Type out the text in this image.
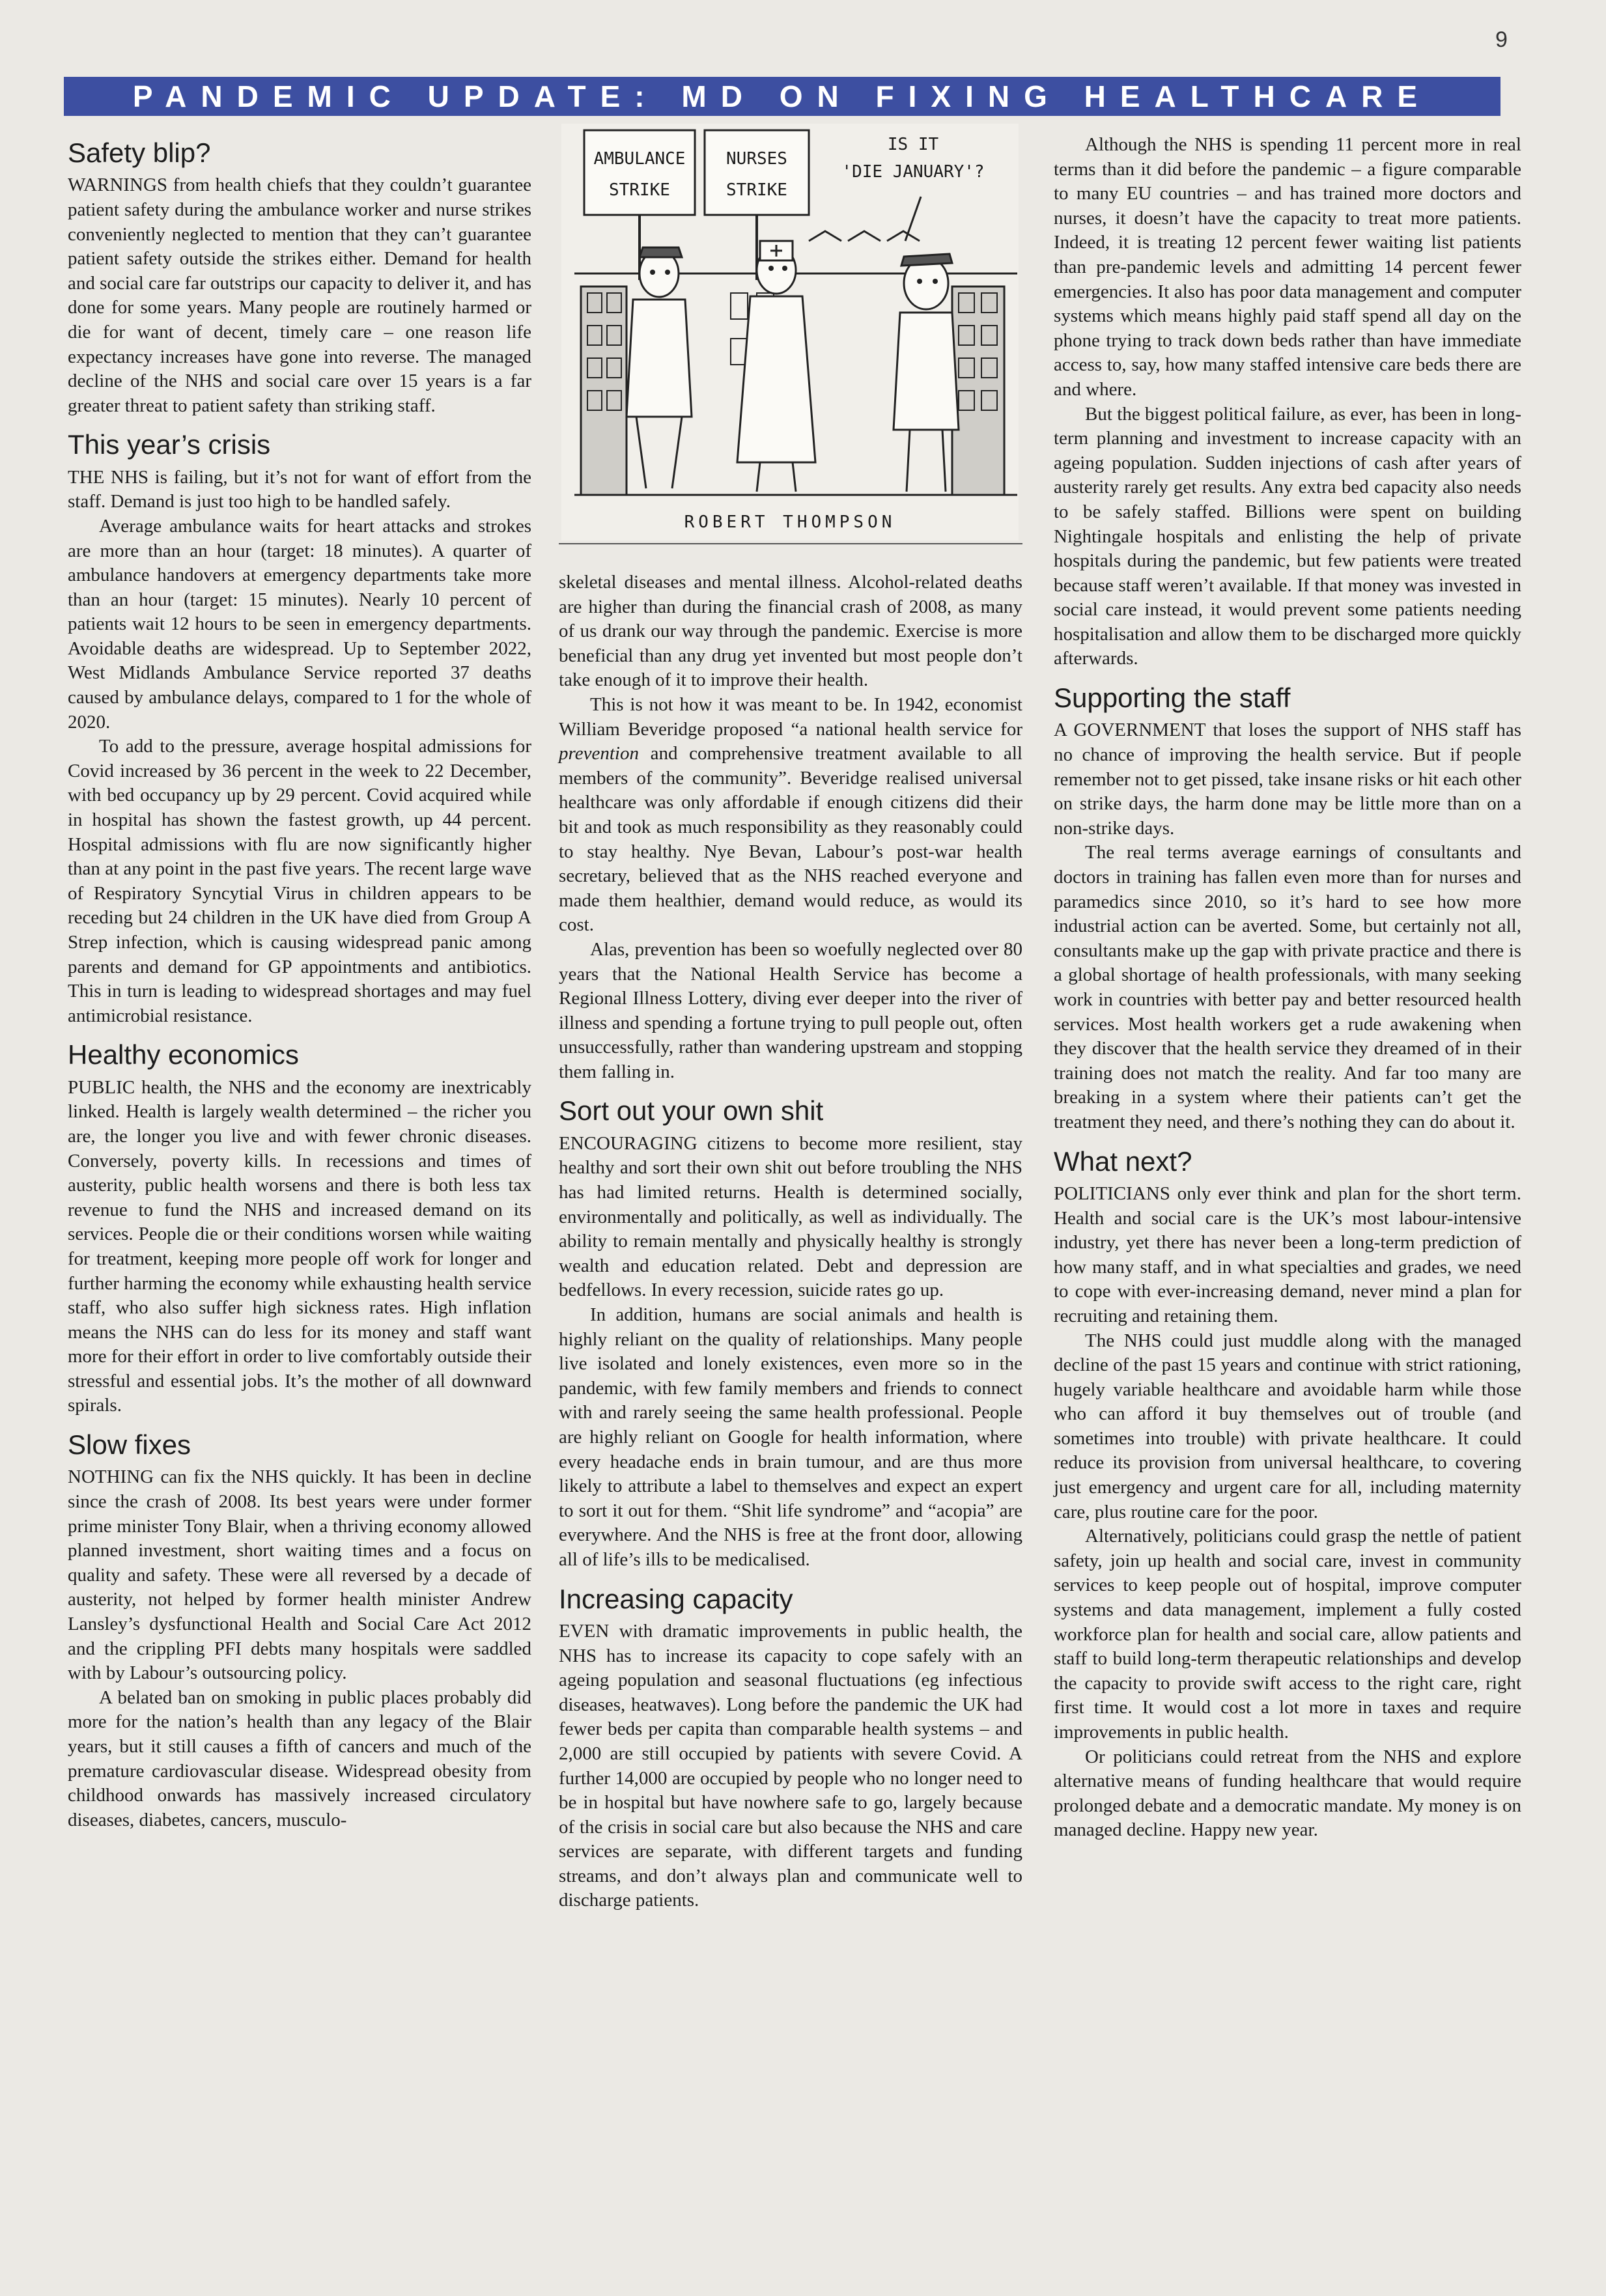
9
PANDEMIC UPDATE: MD ON FIXING HEALTHCARE
Safety blip?

WARNINGS from health chiefs that they couldn’t guarantee patient safety during the ambulance worker and nurse strikes conveniently neglected to mention that they can’t guarantee patient safety outside the strikes either. Demand for health and social care far outstrips our capacity to deliver it, and has done for some years. Many people are routinely harmed or die for want of decent, timely care – one reason life expectancy increases have gone into reverse. The managed decline of the NHS and social care over 15 years is a far greater threat to patient safety than striking staff.

This year’s crisis

THE NHS is failing, but it’s not for want of effort from the staff. Demand is just too high to be handled safely.

Average ambulance waits for heart attacks and strokes are more than an hour (target: 18 minutes). A quarter of ambulance handovers at emergency departments take more than an hour (target: 15 minutes). Nearly 10 percent of patients wait 12 hours to be seen in emergency departments. Avoidable deaths are widespread. Up to September 2022, West Midlands Ambulance Service reported 37 deaths caused by ambulance delays, compared to 1 for the whole of 2020.

To add to the pressure, average hospital admissions for Covid increased by 36 percent in the week to 22 December, with bed occupancy up by 29 percent. Covid acquired while in hospital has shown the fastest growth, up 44 percent. Hospital admissions with flu are now significantly higher than at any point in the past five years. The recent large wave of Respiratory Syncytial Virus in children appears to be receding but 24 children in the UK have died from Group A Strep infection, which is causing widespread panic among parents and demand for GP appointments and antibiotics. This in turn is leading to widespread shortages and may fuel antimicrobial resistance.

Healthy economics

PUBLIC health, the NHS and the economy are inextricably linked. Health is largely wealth determined – the richer you are, the longer you live and with fewer chronic diseases. Conversely, poverty kills. In recessions and times of austerity, public health worsens and there is both less tax revenue to fund the NHS and increased demand on its services. People die or their conditions worsen while waiting for treatment, keeping more people off work for longer and further harming the economy while exhausting health service staff, who also suffer high sickness rates. High inflation means the NHS can do less for its money and staff want more for their effort in order to live comfortably outside their stressful and essential jobs. It’s the mother of all downward spirals.

Slow fixes

NOTHING can fix the NHS quickly. It has been in decline since the crash of 2008. Its best years were under former prime minister Tony Blair, when a thriving economy allowed planned investment, short waiting times and a focus on quality and safety. These were all reversed by a decade of austerity, not helped by former health minister Andrew Lansley’s dysfunctional Health and Social Care Act 2012 and the crippling PFI debts many hospitals were saddled with by Labour’s outsourcing policy.

A belated ban on smoking in public places probably did more for the nation’s health than any legacy of the Blair years, but it still causes a fifth of cancers and much of the premature cardiovascular disease. Widespread obesity from childhood onwards has massively increased circulatory diseases, diabetes, cancers, musculo-

AMBULANCE
STRIKE
NURSES
STRIKE
IS IT
'DIE JANUARY'?
ROBERT THOMPSON

skeletal diseases and mental illness. Alcohol-related deaths are higher than during the financial crash of 2008, as many of us drank our way through the pandemic. Exercise is more beneficial than any drug yet invented but most people don’t take enough of it to improve their health.

This is not how it was meant to be. In 1942, economist William Beveridge proposed “a national health service for prevention and comprehensive treatment available to all members of the community”. Beveridge realised universal healthcare was only affordable if enough citizens did their bit and took as much responsibility as they reasonably could to stay healthy. Nye Bevan, Labour’s post-war health secretary, believed that as the NHS reached everyone and made them healthier, demand would reduce, as would its cost.

Alas, prevention has been so woefully neglected over 80 years that the National Health Service has become a Regional Illness Lottery, diving ever deeper into the river of illness and spending a fortune trying to pull people out, often unsuccessfully, rather than wandering upstream and stopping them falling in.

Sort out your own shit

ENCOURAGING citizens to become more resilient, stay healthy and sort their own shit out before troubling the NHS has had limited returns. Health is determined socially, environmentally and politically, as well as individually. The ability to remain mentally and physically healthy is strongly wealth and education related. Debt and depression are bedfellows. In every recession, suicide rates go up.

In addition, humans are social animals and health is highly reliant on the quality of relationships. Many people live isolated and lonely existences, even more so in the pandemic, with few family members and friends to connect with and rarely seeing the same health professional. People are highly reliant on Google for health information, where every headache ends in brain tumour, and are thus more likely to attribute a label to themselves and expect an expert to sort it out for them. “Shit life syndrome” and “acopia” are everywhere. And the NHS is free at the front door, allowing all of life’s ills to be medicalised.

Increasing capacity

EVEN with dramatic improvements in public health, the NHS has to increase its capacity to cope safely with an ageing population and seasonal fluctuations (eg infectious diseases, heatwaves). Long before the pandemic the UK had fewer beds per capita than comparable health systems – and 2,000 are still occupied by patients with severe Covid. A further 14,000 are occupied by people who no longer need to be in hospital but have nowhere safe to go, largely because of the crisis in social care but also because the NHS and care services are separate, with different targets and funding streams, and don’t always plan and communicate well to discharge patients.

Although the NHS is spending 11 percent more in real terms than it did before the pandemic – a figure comparable to many EU countries – and has trained more doctors and nurses, it doesn’t have the capacity to treat more patients. Indeed, it is treating 12 percent fewer waiting list patients than pre-pandemic levels and admitting 14 percent fewer emergencies. It also has poor data management and computer systems which means highly paid staff spend all day on the phone trying to track down beds rather than have immediate access to, say, how many staffed intensive care beds there are and where.

But the biggest political failure, as ever, has been in long-term planning and investment to increase capacity with an ageing population. Sudden injections of cash after years of austerity rarely get results. Any extra bed capacity also needs to be safely staffed. Billions were spent on building Nightingale hospitals and enlisting the help of private hospitals during the pandemic, but few patients were treated because staff weren’t available. If that money was invested in social care instead, it would prevent some patients needing hospitalisation and allow them to be discharged more quickly afterwards.

Supporting the staff

A GOVERNMENT that loses the support of NHS staff has no chance of improving the health service. But if people remember not to get pissed, take insane risks or hit each other on strike days, the harm done may be little more than on a non-strike days.

The real terms average earnings of consultants and doctors in training has fallen even more than for nurses and paramedics since 2010, so it’s hard to see how more industrial action can be averted. Some, but certainly not all, consultants make up the gap with private practice and there is a global shortage of health professionals, with many seeking work in countries with better pay and better resourced health services. Most health workers get a rude awakening when they discover that the health service they dreamed of in their training does not match the reality. And far too many are breaking in a system where their patients can’t get the treatment they need, and there’s nothing they can do about it.

What next?

POLITICIANS only ever think and plan for the short term. Health and social care is the UK’s most labour-intensive industry, yet there has never been a long-term prediction of how many staff, and in what specialties and grades, we need to cope with ever-increasing demand, never mind a plan for recruiting and retaining them.

The NHS could just muddle along with the managed decline of the past 15 years and continue with strict rationing, hugely variable healthcare and avoidable harm while those who can afford it buy themselves out of trouble (and sometimes into trouble) with private healthcare. It could reduce its provision from universal healthcare, to covering just emergency and urgent care for all, including maternity care, plus routine care for the poor.

Alternatively, politicians could grasp the nettle of patient safety, join up health and social care, invest in community services to keep people out of hospital, improve computer systems and data management, implement a fully costed workforce plan for health and social care, allow patients and staff to build long-term therapeutic relationships and develop the capacity to provide swift access to the right care, right first time. It would cost a lot more in taxes and require improvements in public health.

Or politicians could retreat from the NHS and explore alternative means of funding healthcare that would require prolonged debate and a democratic mandate. My money is on managed decline. Happy new year.
